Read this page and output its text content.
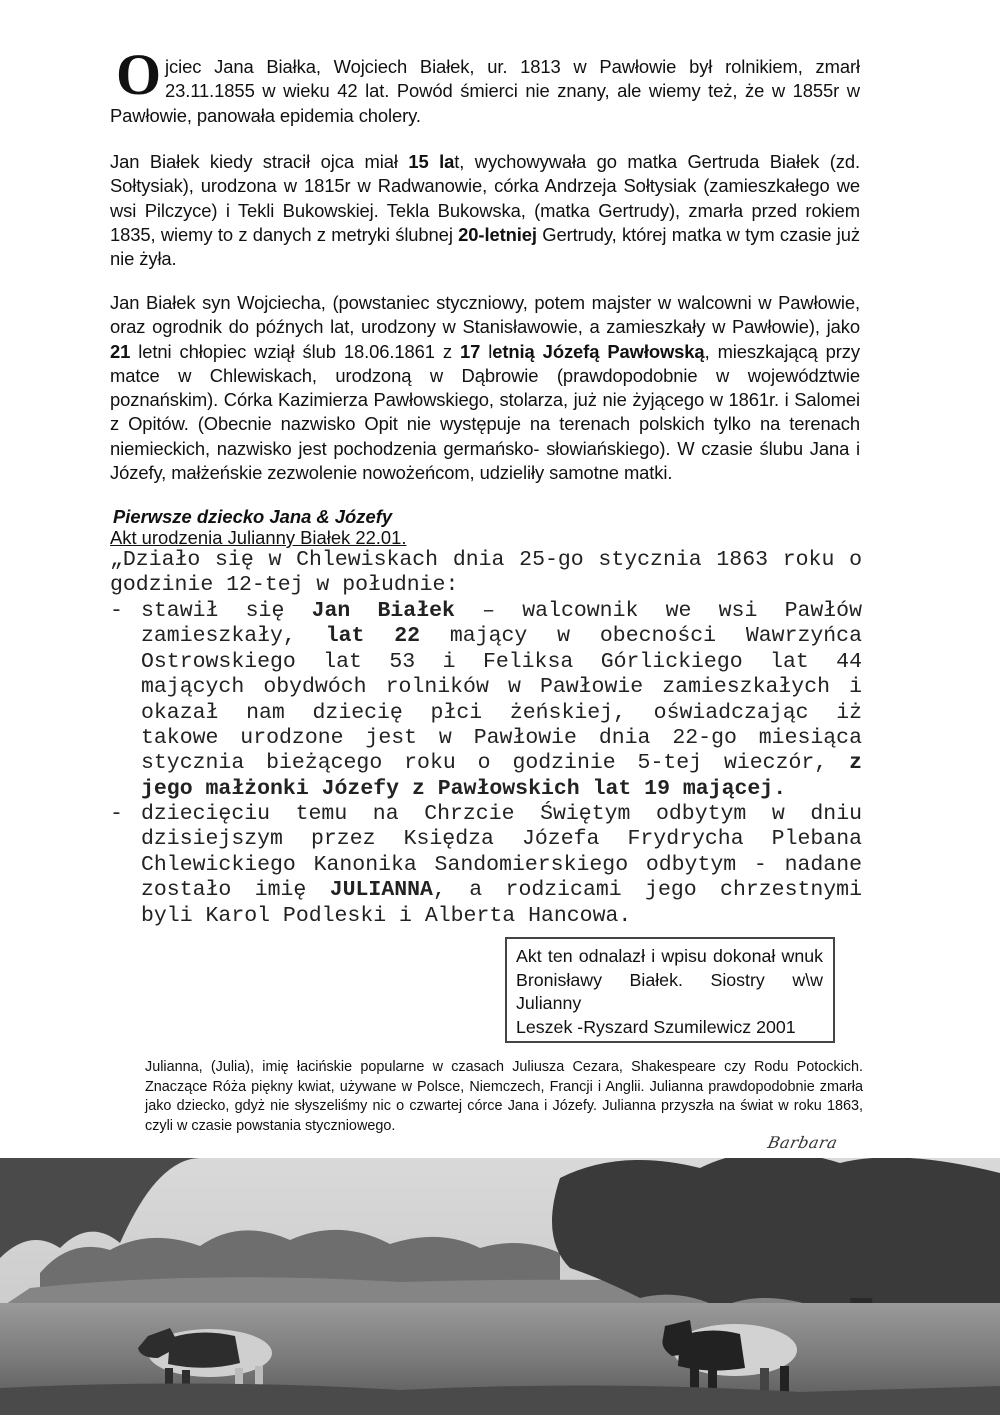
Ojciec Jana Białka, Wojciech Białek, ur. 1813 w Pawłowie był rolnikiem, zmarł 23.11.1855 w wieku 42 lat. Powód śmierci nie znany, ale wiemy też, że w 1855r w Pawłowie, panowała epidemia cholery.
Jan Białek kiedy stracił ojca miał 15 lat, wychowywała go matka Gertruda Białek (zd. Sołtysiak), urodzona w 1815r w Radwanowie, córka Andrzeja Sołtysiak (zamieszkałego we wsi Pilczyce) i Tekli Bukowskiej. Tekla Bukowska, (matka Gertrudy), zmarła przed rokiem 1835, wiemy to z danych z metryki ślubnej 20-letniej Gertrudy, której matka w tym czasie już nie żyła.
Jan Białek syn Wojciecha, (powstaniec styczniowy, potem majster w walcowni w Pawłowie, oraz ogrodnik do późnych lat, urodzony w Stanisławowie, a zamieszkały w Pawłowie), jako 21 letni chłopiec wziął ślub 18.06.1861 z 17 letnią Józefą Pawłowską, mieszkającą przy matce w Chlewiskach, urodzoną w Dąbrowie (prawdopodobnie w województwie poznańskim). Córka Kazimierza Pawłowskiego, stolarza, już nie żyjącego w 1861r. i Salomei z Opitów. (Obecnie nazwisko Opit nie występuje na terenach polskich tylko na terenach niemieckich, nazwisko jest pochodzenia germańsko- słowiańskiego). W czasie ślubu Jana i Józefy, małżeńskie zezwolenie nowożeńcom, udzieliły samotne matki.
Pierwsze dziecko Jana & Józefy
Akt urodzenia Julianny Białek 22.01.
„Działo się w Chlewiskach dnia 25-go stycznia 1863 roku o godzinie 12-tej w południe:
- stawił się Jan Białek – walcownik we wsi Pawłów zamieszkały, lat 22 mający w obecności Wawrzyńca Ostrowskiego lat 53 i Feliksa Górlickiego lat 44 mających obydwóch rolników w Pawłowie zamieszkałych i okazał nam dziecię płci żeńskiej, oświadczając iż takowe urodzone jest w Pawłowie dnia 22-go miesiąca stycznia bieżącego roku o godzinie 5-tej wieczór, z jego małżonki Józefy z Pawłowskich lat 19 mającej.
- dziecięciu temu na Chrzcie Świętym odbytym w dniu dzisiejszym przez Księdza Józefa Frydrycha Plebana Chlewickiego Kanonika Sandomierskiego odbytym - nadane zostało imię JULIANNA, a rodzicami jego chrzestnymi byli Karol Podleski i Alberta Hancowa.
Akt ten odnalazł i wpisu dokonał wnuk Bronisławy Białek. Siostry w\w Julianny
Leszek -Ryszard Szumilewicz 2001
Julianna, (Julia), imię łacińskie popularne w czasach Juliusza Cezara, Shakespeare czy Rodu Potockich. Znaczące Róża piękny kwiat, używane w Polsce, Niemczech, Francji i Anglii. Julianna prawdopodobnie zmarła jako dziecko, gdyż nie słyszeliśmy nic o czwartej córce Jana i Józefy. Julianna przyszła na świat w roku 1863, czyli w czasie powstania styczniowego.
Barbara
